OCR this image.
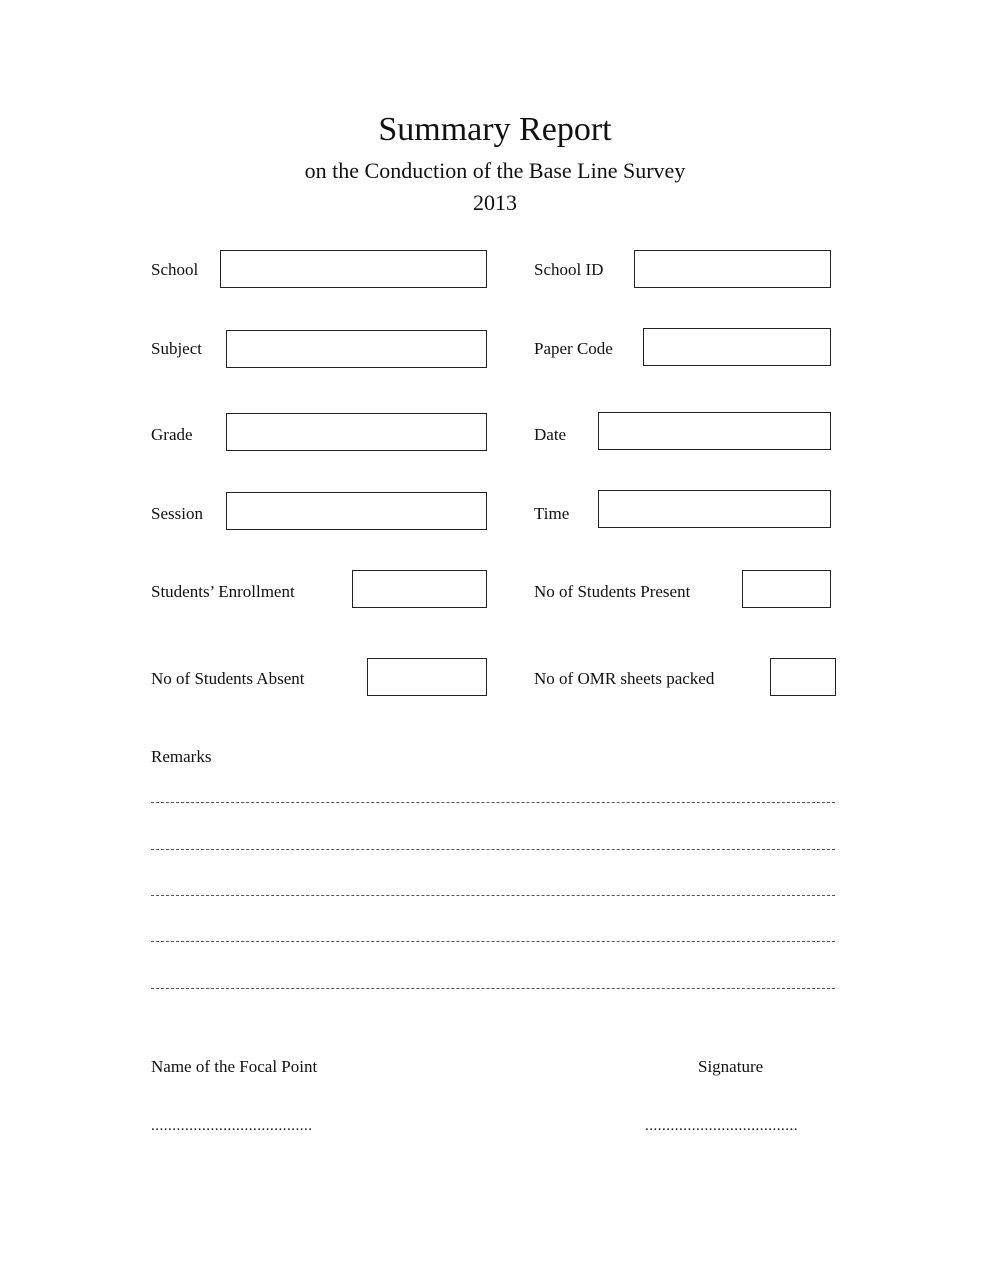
Summary Report
on the Conduction of the Base Line Survey
2013
School	School ID
Subject	Paper Code
Grade	Date
Session	Time
Students’ Enrollment	No of Students Present
No of Students Absent	No of OMR sheets packed
Remarks
Name of the Focal Point	Signature
......................................	....................................
